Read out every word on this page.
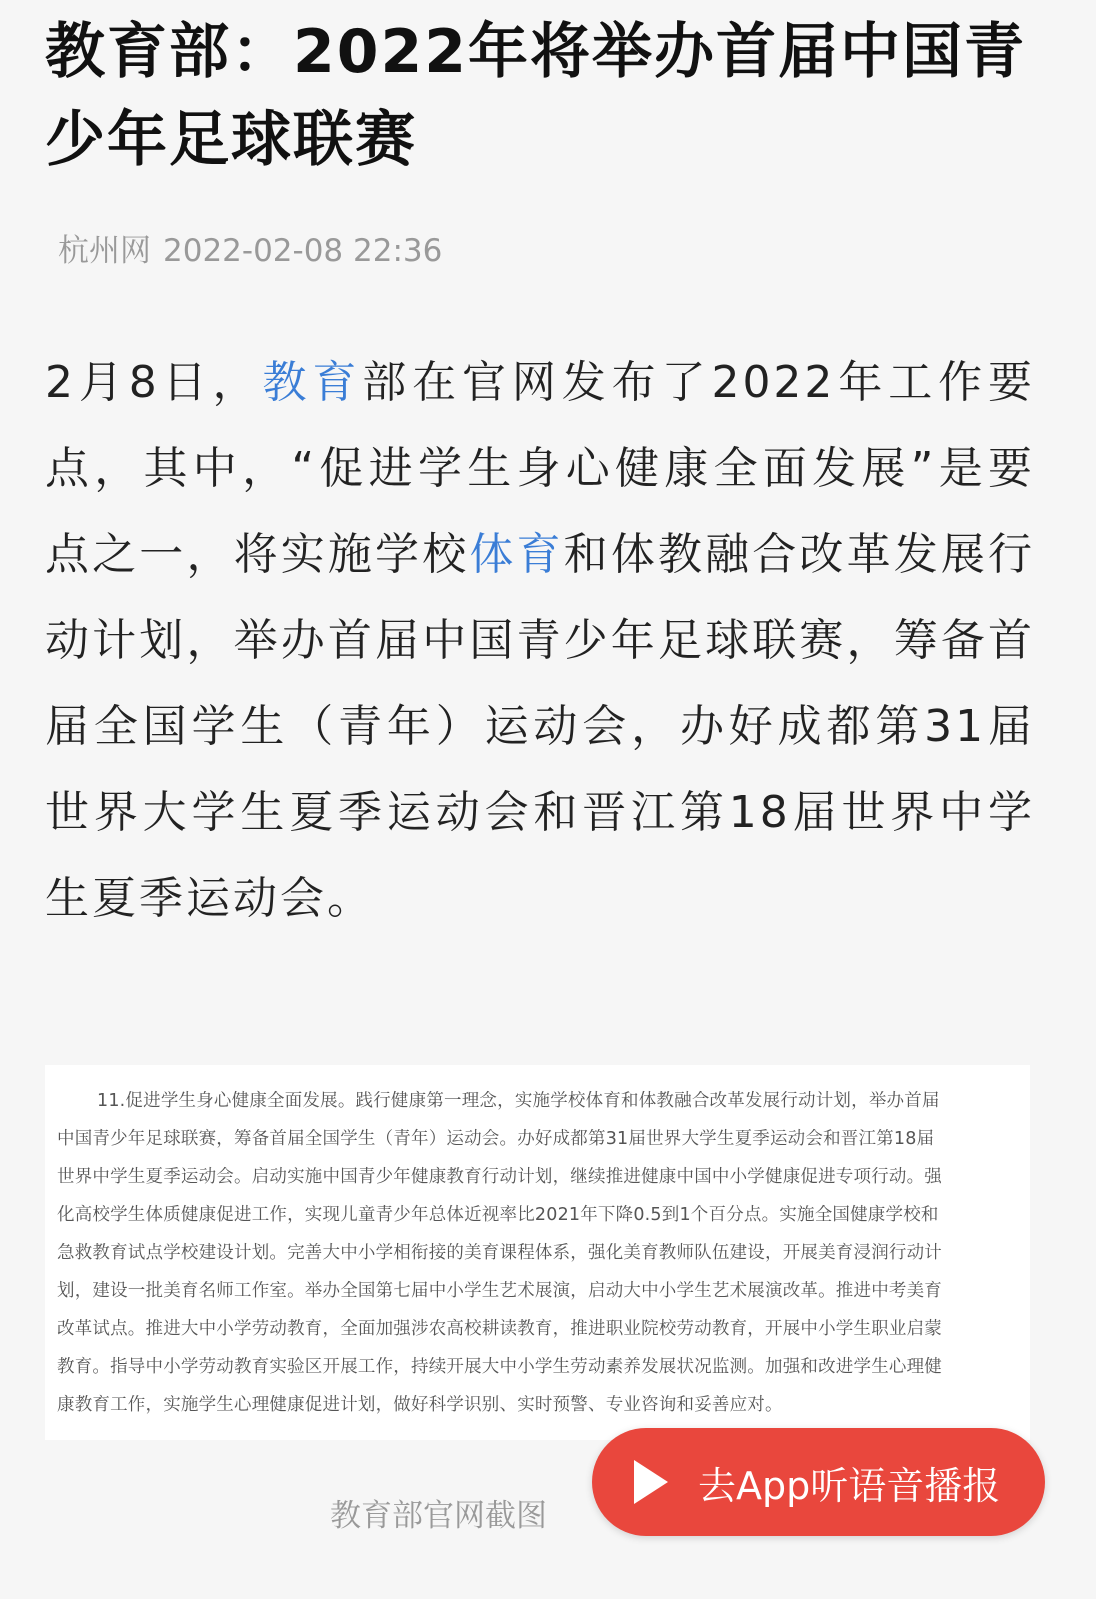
教育部：2022年将举办首届中国青少年足球联赛
杭州网 2022-02-08 22:36

2月8日，教育部在官网发布了2022年工作要点，其中，“促进学生身心健康全面发展”是要点之一，将实施学校体育和体教融合改革发展行动计划，举办首届中国青少年足球联赛，筹备首届全国学生（青年）运动会，办好成都第31届世界大学生夏季运动会和晋江第18届世界中学生夏季运动会。

11.促进学生身心健康全面发展。践行健康第一理念，实施学校体育和体教融合改革发展行动计划，举办首届
中国青少年足球联赛，筹备首届全国学生（青年）运动会。办好成都第31届世界大学生夏季运动会和晋江第18届
世界中学生夏季运动会。启动实施中国青少年健康教育行动计划，继续推进健康中国中小学健康促进专项行动。强
化高校学生体质健康促进工作，实现儿童青少年总体近视率比2021年下降0.5到1个百分点。实施全国健康学校和
急救教育试点学校建设计划。完善大中小学相衔接的美育课程体系，强化美育教师队伍建设，开展美育浸润行动计
划，建设一批美育名师工作室。举办全国第七届中小学生艺术展演，启动大中小学生艺术展演改革。推进中考美育
改革试点。推进大中小学劳动教育，全面加强涉农高校耕读教育，推进职业院校劳动教育，开展中小学生职业启蒙
教育。指导中小学劳动教育实验区开展工作，持续开展大中小学生劳动素养发展状况监测。加强和改进学生心理健
康教育工作，实施学生心理健康促进计划，做好科学识别、实时预警、专业咨询和妥善应对。
教育部官网截图
去App听语音播报
